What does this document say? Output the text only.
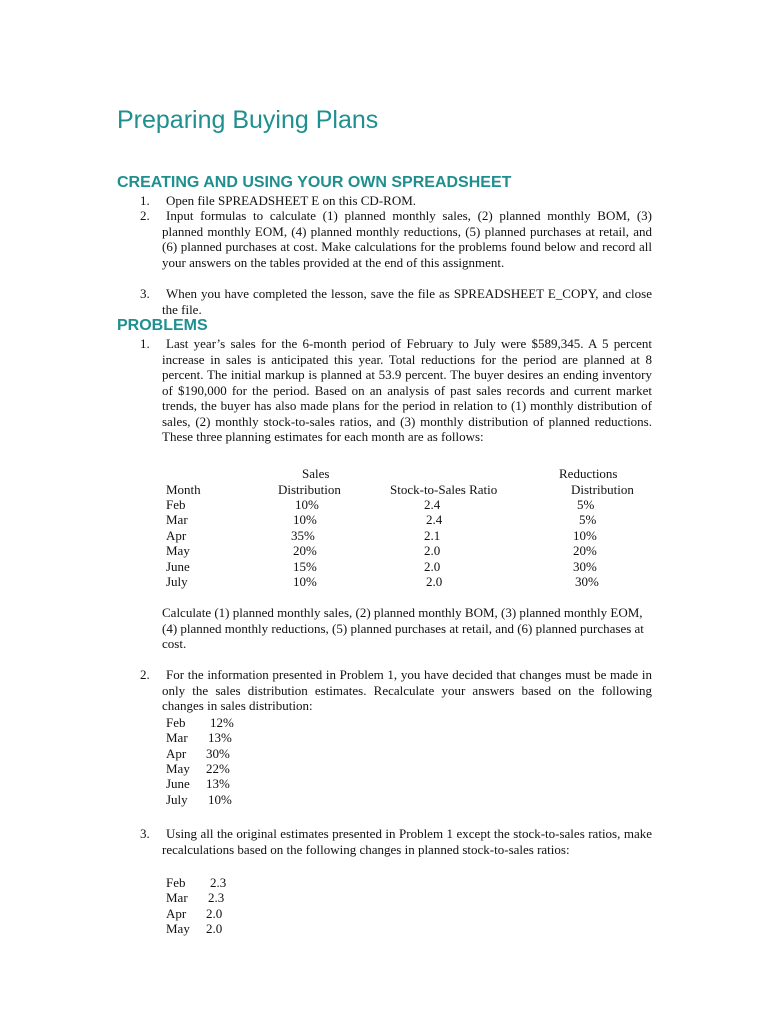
Preparing Buying Plans
CREATING AND USING YOUR OWN SPREADSHEET
1.	Open file SPREADSHEET E on this CD-ROM.
2.	Input formulas to calculate (1) planned monthly sales, (2) planned monthly BOM, (3) planned monthly EOM, (4) planned monthly reductions, (5) planned purchases at retail, and (6) planned purchases at cost. Make calculations for the problems found below and record all your answers on the tables provided at the end of this assignment.
3.	When you have completed the lesson, save the file as SPREADSHEET E_COPY, and close the file.
PROBLEMS
1.	Last year’s sales for the 6-month period of February to July were $589,345. A 5 percent increase in sales is anticipated this year. Total reductions for the period are planned at 8 percent. The initial markup is planned at 53.9 percent. The buyer desires an ending inventory of $190,000 for the period. Based on an analysis of past sales records and current market trends, the buyer has also made plans for the period in relation to (1) monthly distribution of sales, (2) monthly stock-to-sales ratios, and (3) monthly distribution of planned reductions. These three planning estimates for each month are as follows:
Sales	Reductions
Month	Distribution	Stock-to-Sales Ratio	Distribution
Feb	10%	2.4	5%
Mar	10%	2.4	5%
Apr	35%	2.1	10%
May	20%	2.0	20%
June	15%	2.0	30%
July	10%	2.0	30%
Calculate (1) planned monthly sales, (2) planned monthly BOM, (3) planned monthly EOM, (4) planned monthly reductions, (5) planned purchases at retail, and (6) planned purchases at cost.
2.	For the information presented in Problem 1, you have decided that changes must be made in only the sales distribution estimates. Recalculate your answers based on the following changes in sales distribution:
Feb 12%
Mar 13%
Apr 30%
May 22%
June 13%
July 10%
3.	Using all the original estimates presented in Problem 1 except the stock-to-sales ratios, make recalculations based on the following changes in planned stock-to-sales ratios:
Feb 2.3
Mar 2.3
Apr 2.0
May 2.0
